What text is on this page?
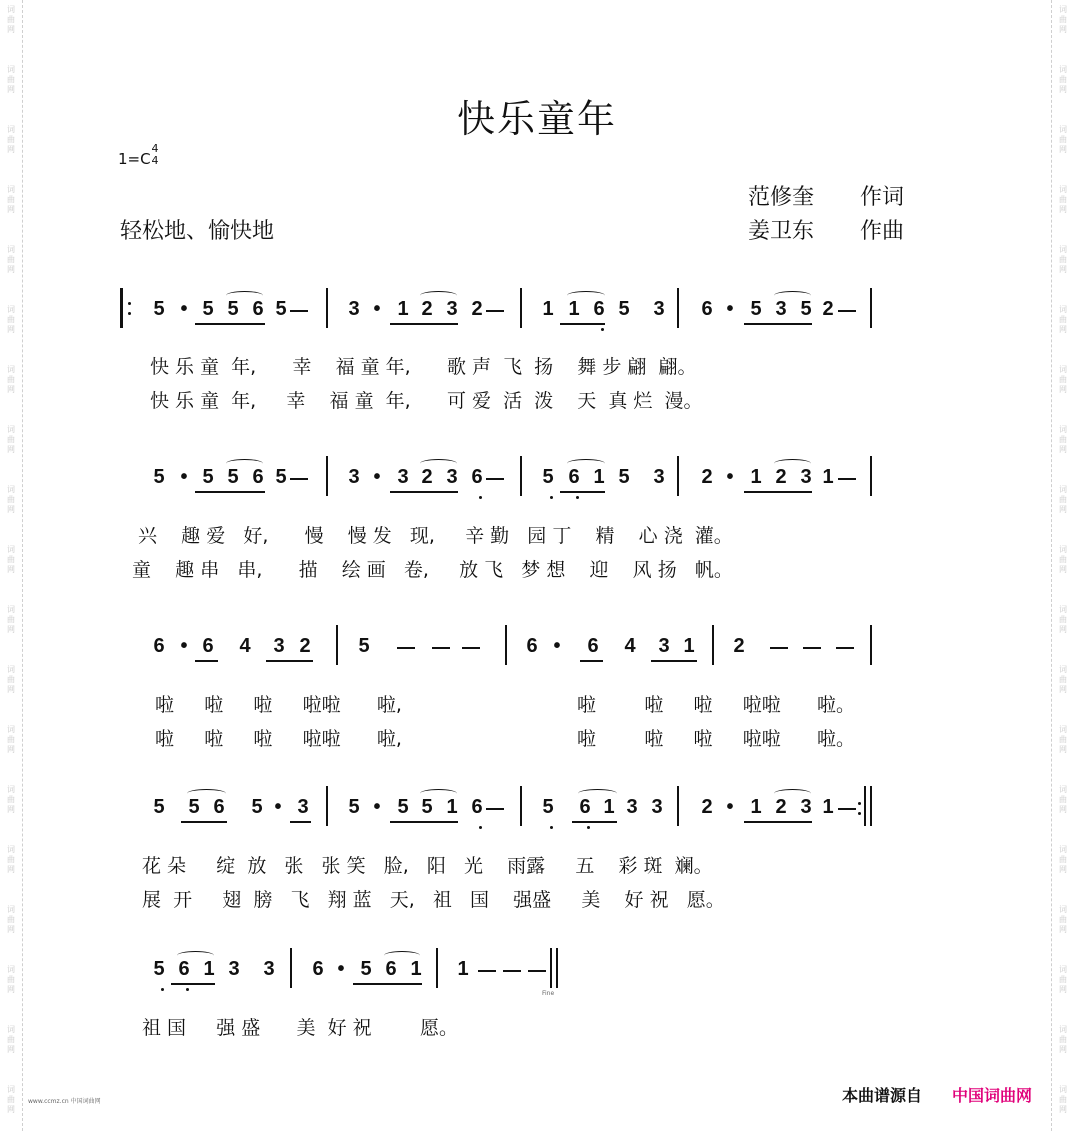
词
曲
网
词
曲
网
词
曲
网
词
曲
网
词
曲
网
词
曲
网
词
曲
网
词
曲
网
词
曲
网
词
曲
网
词
曲
网
词
曲
网
词
曲
网
词
曲
网
词
曲
网
词
曲
网
词
曲
网
词
曲
网
词
曲
网
词
曲
网
词
曲
网
词
曲
网
词
曲
网
词
曲
网
词
曲
网
词
曲
网
词
曲
网
词
曲
网
词
曲
网
词
曲
网
词
曲
网
词
曲
网
词
曲
网
词
曲
网
词
曲
网
词
曲
网
词
曲
网
词
曲
网
快乐童年
1=C
4
4
轻松地、愉快地
范修奎 作词
姜卫东 作曲
5 • 5 5 6 5	3 • 1 2 3 2	1 1 6 5 3 6 • 5 3 5 2
5 • 5 5 6 5	3 • 3 2 3 6	5 6 1 5 3 2 • 1 2 3 1
6 • 6 4 3 2 5	6 • 6 4 3 1 2
5 5 6 5 • 3 5 • 5 5 1 6	5 6 1 3 3 2 • 1 2 3 1
5 6 1 3 3 6 • 5 6 1 1
快 乐 童  年,      幸    福 童 年,      歌 声  飞  扬    舞 步 翩  翩。
快 乐 童  年,     幸    福 童  年,      可 爱  活  泼    天  真 烂  漫。
兴    趣 爱   好,      慢    慢 发   现,     辛 勤   园 丁    精    心 浇  灌。
童    趣 串   串,      描    绘 画   卷,     放 飞   梦 想    迎    风 扬   帆。
啦     啦     啦     啦啦      啦,                             啦        啦     啦     啦啦      啦。
啦     啦     啦     啦啦      啦,                             啦        啦     啦     啦啦      啦。
花 朵     绽  放   张   张 笑   脸,   阳   光    雨露     五    彩 斑  斓。
展  开     翅  膀   飞   翔 蓝   天,   祖   国    强盛     美    好 祝   愿。
祖 国     强 盛      美  好 祝        愿。
Fine
本曲谱源自 中国词曲网
www.ccmz.cn 中国词曲网
